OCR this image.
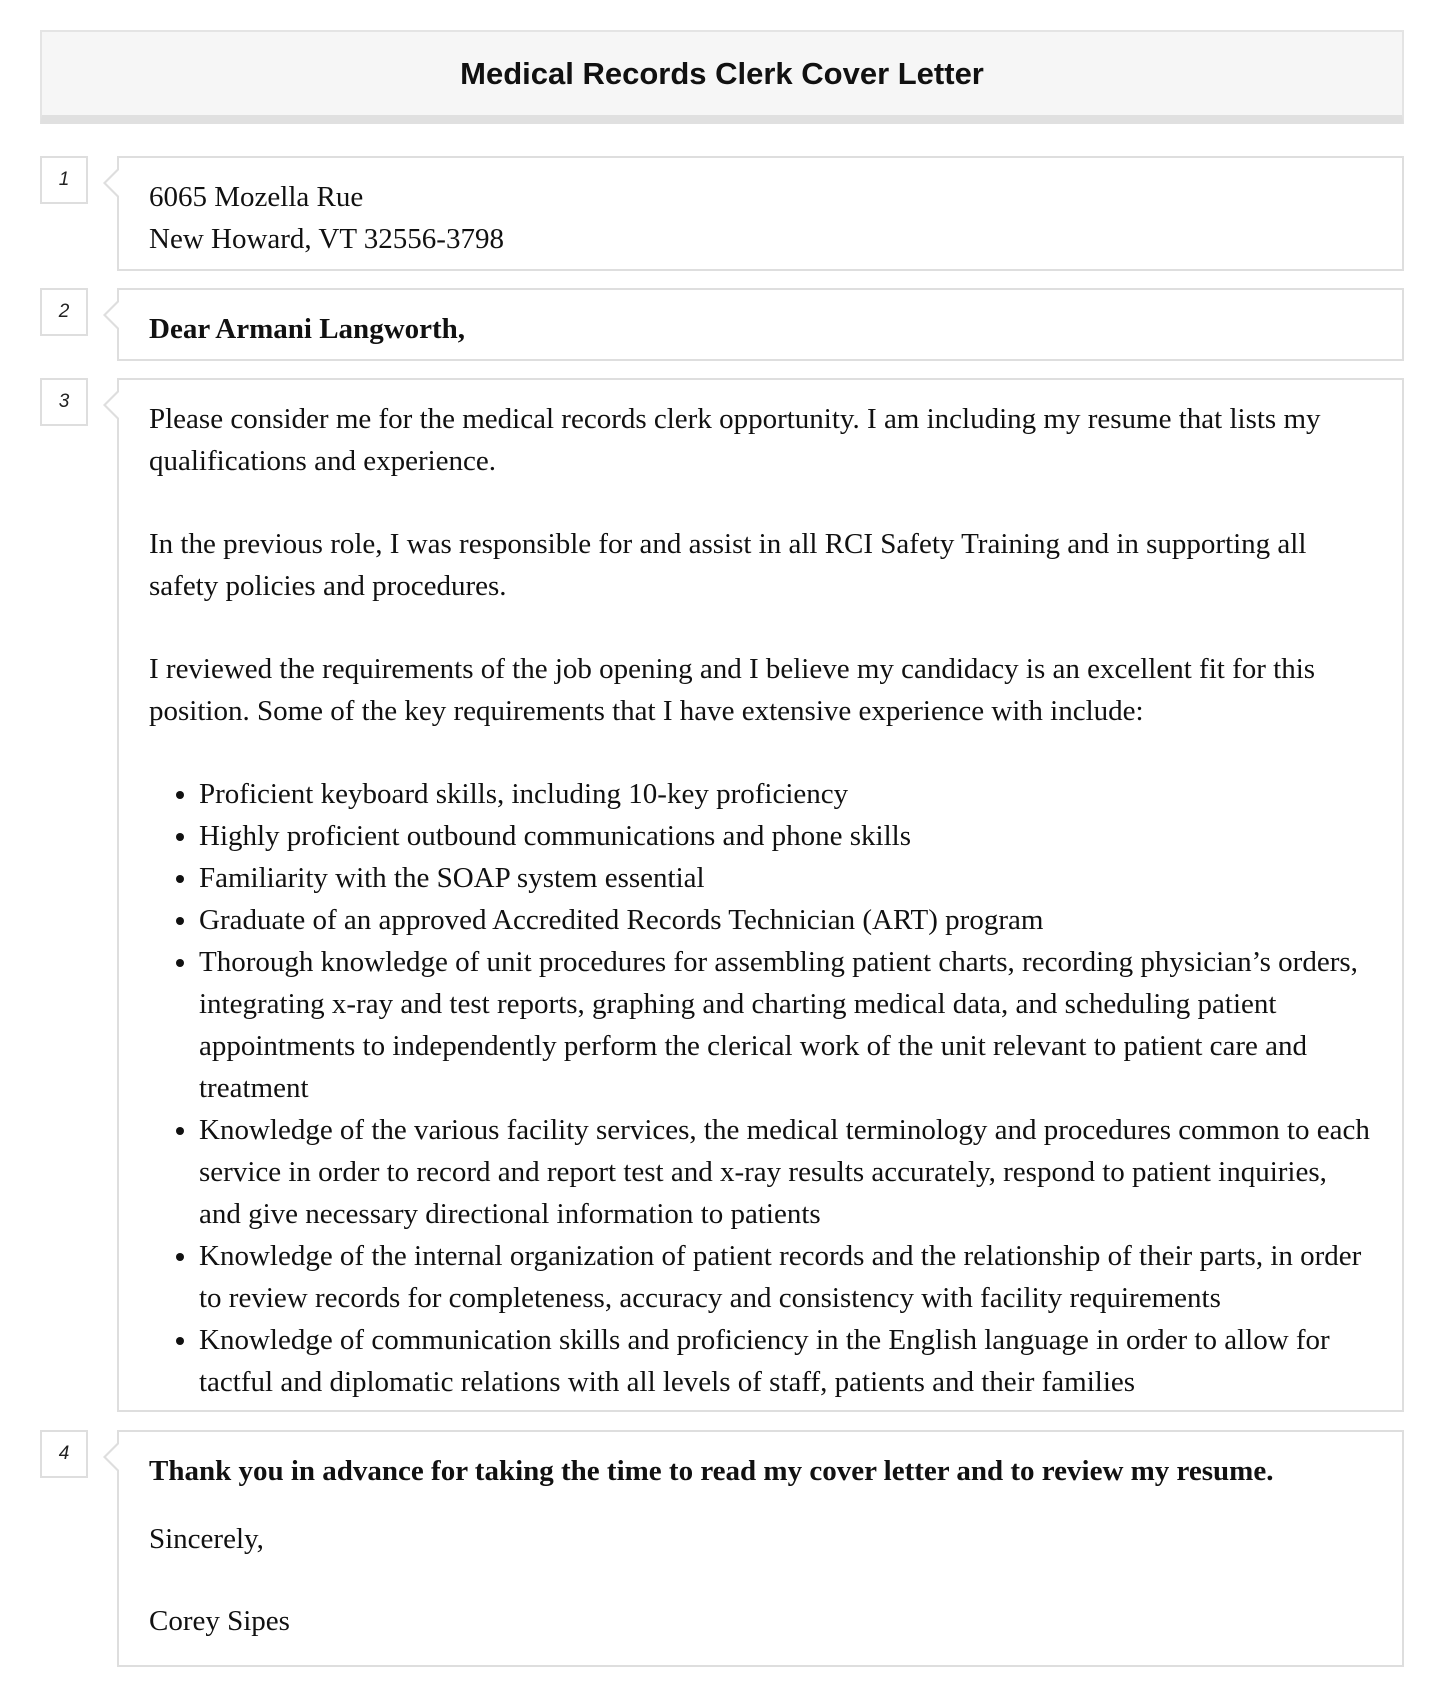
Medical Records Clerk Cover Letter
1

6065 Mozella Rue

New Howard, VT 32556-3798

2

Dear Armani Langworth,

3

Please consider me for the medical records clerk opportunity. I am including my resume that lists my qualifications and experience.

In the previous role, I was responsible for and assist in all RCI Safety Training and in supporting all safety policies and procedures.

I reviewed the requirements of the job opening and I believe my candidacy is an excellent fit for this position. Some of the key requirements that I have extensive experience with include:

• Proficient keyboard skills, including 10-key proficiency
• Highly proficient outbound communications and phone skills
• Familiarity with the SOAP system essential
• Graduate of an approved Accredited Records Technician (ART) program
• Thorough knowledge of unit procedures for assembling patient charts, recording physician’s orders, integrating x-ray and test reports, graphing and charting medical data, and scheduling patient appointments to independently perform the clerical work of the unit relevant to patient care and treatment
• Knowledge of the various facility services, the medical terminology and procedures common to each service in order to record and report test and x-ray results accurately, respond to patient inquiries, and give necessary directional information to patients
• Knowledge of the internal organization of patient records and the relationship of their parts, in order to review records for completeness, accuracy and consistency with facility requirements
• Knowledge of communication skills and proficiency in the English language in order to allow for tactful and diplomatic relations with all levels of staff, patients and their families
4

Thank you in advance for taking the time to read my cover letter and to review my resume.

Sincerely,

Corey Sipes
